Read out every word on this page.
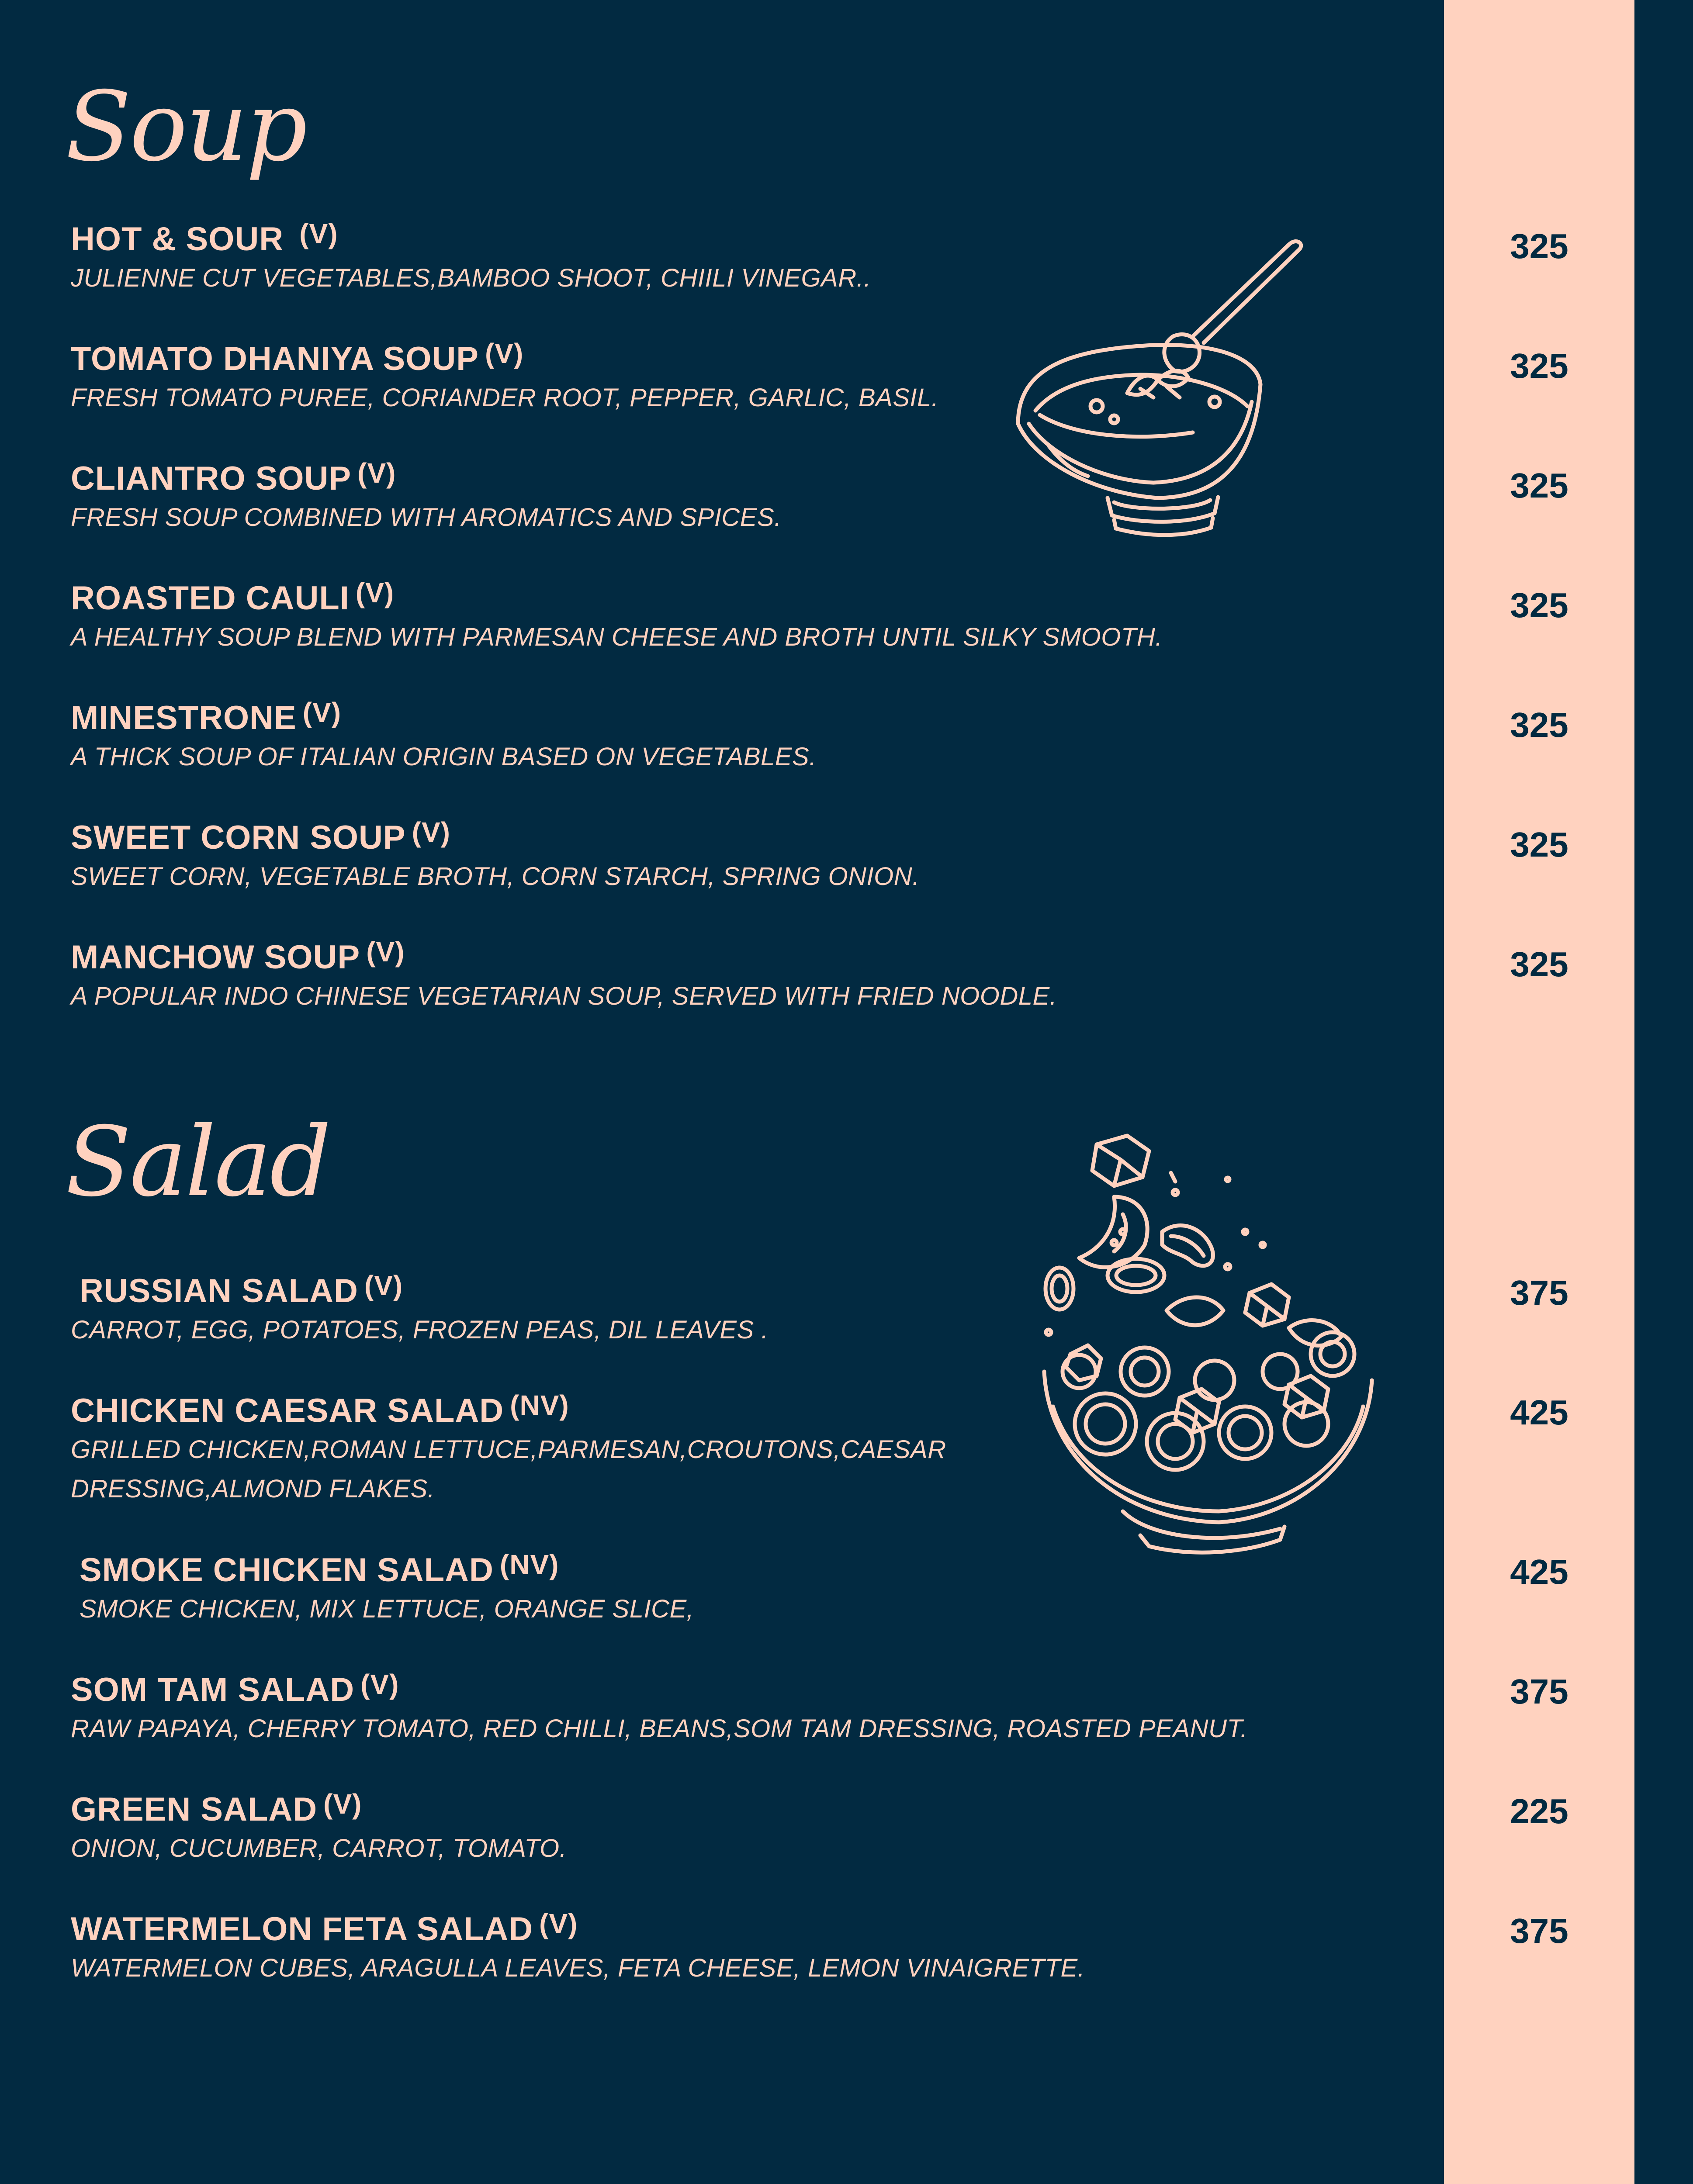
Soup
HOT & SOUR $^{(V)}$
JULIENNE CUT VEGETABLES,BAMBOO SHOOT, CHIILI VINEGAR..
325
TOMATO DHANIYA SOUP $^{(V)}$
FRESH TOMATO PUREE, CORIANDER ROOT, PEPPER, GARLIC, BASIL.
325
CLIANTRO SOUP $^{(V)}$
FRESH SOUP COMBINED WITH AROMATICS AND SPICES.
325
ROASTED CAULI $^{(V)}$
A HEALTHY SOUP BLEND WITH PARMESAN CHEESE AND BROTH UNTIL SILKY SMOOTH.
325
MINESTRONE $^{(V)}$
A THICK SOUP OF ITALIAN ORIGIN BASED ON VEGETABLES.
325
SWEET CORN SOUP $^{(V)}$
SWEET CORN, VEGETABLE BROTH, CORN STARCH, SPRING ONION.
325
MANCHOW SOUP $^{(V)}$
A POPULAR INDO CHINESE VEGETARIAN SOUP, SERVED WITH FRIED NOODLE.
325
Salad
RUSSIAN SALAD $^{(V)}$
CARROT, EGG, POTATOES, FROZEN PEAS, DIL LEAVES .
375
CHICKEN CAESAR SALAD $^{(NV)}$
GRILLED CHICKEN,ROMAN LETTUCE,PARMESAN,CROUTONS,CAESAR
DRESSING,ALMOND FLAKES.
425
SMOKE CHICKEN SALAD $^{(NV)}$
SMOKE CHICKEN, MIX LETTUCE, ORANGE SLICE,
425
SOM TAM SALAD $^{(V)}$
RAW PAPAYA, CHERRY TOMATO, RED CHILLI, BEANS,SOM TAM DRESSING, ROASTED PEANUT.
375
GREEN SALAD $^{(V)}$
ONION, CUCUMBER, CARROT, TOMATO.
225
WATERMELON FETA SALAD $^{(V)}$
WATERMELON CUBES, ARAGULLA LEAVES, FETA CHEESE, LEMON VINAIGRETTE.
375
